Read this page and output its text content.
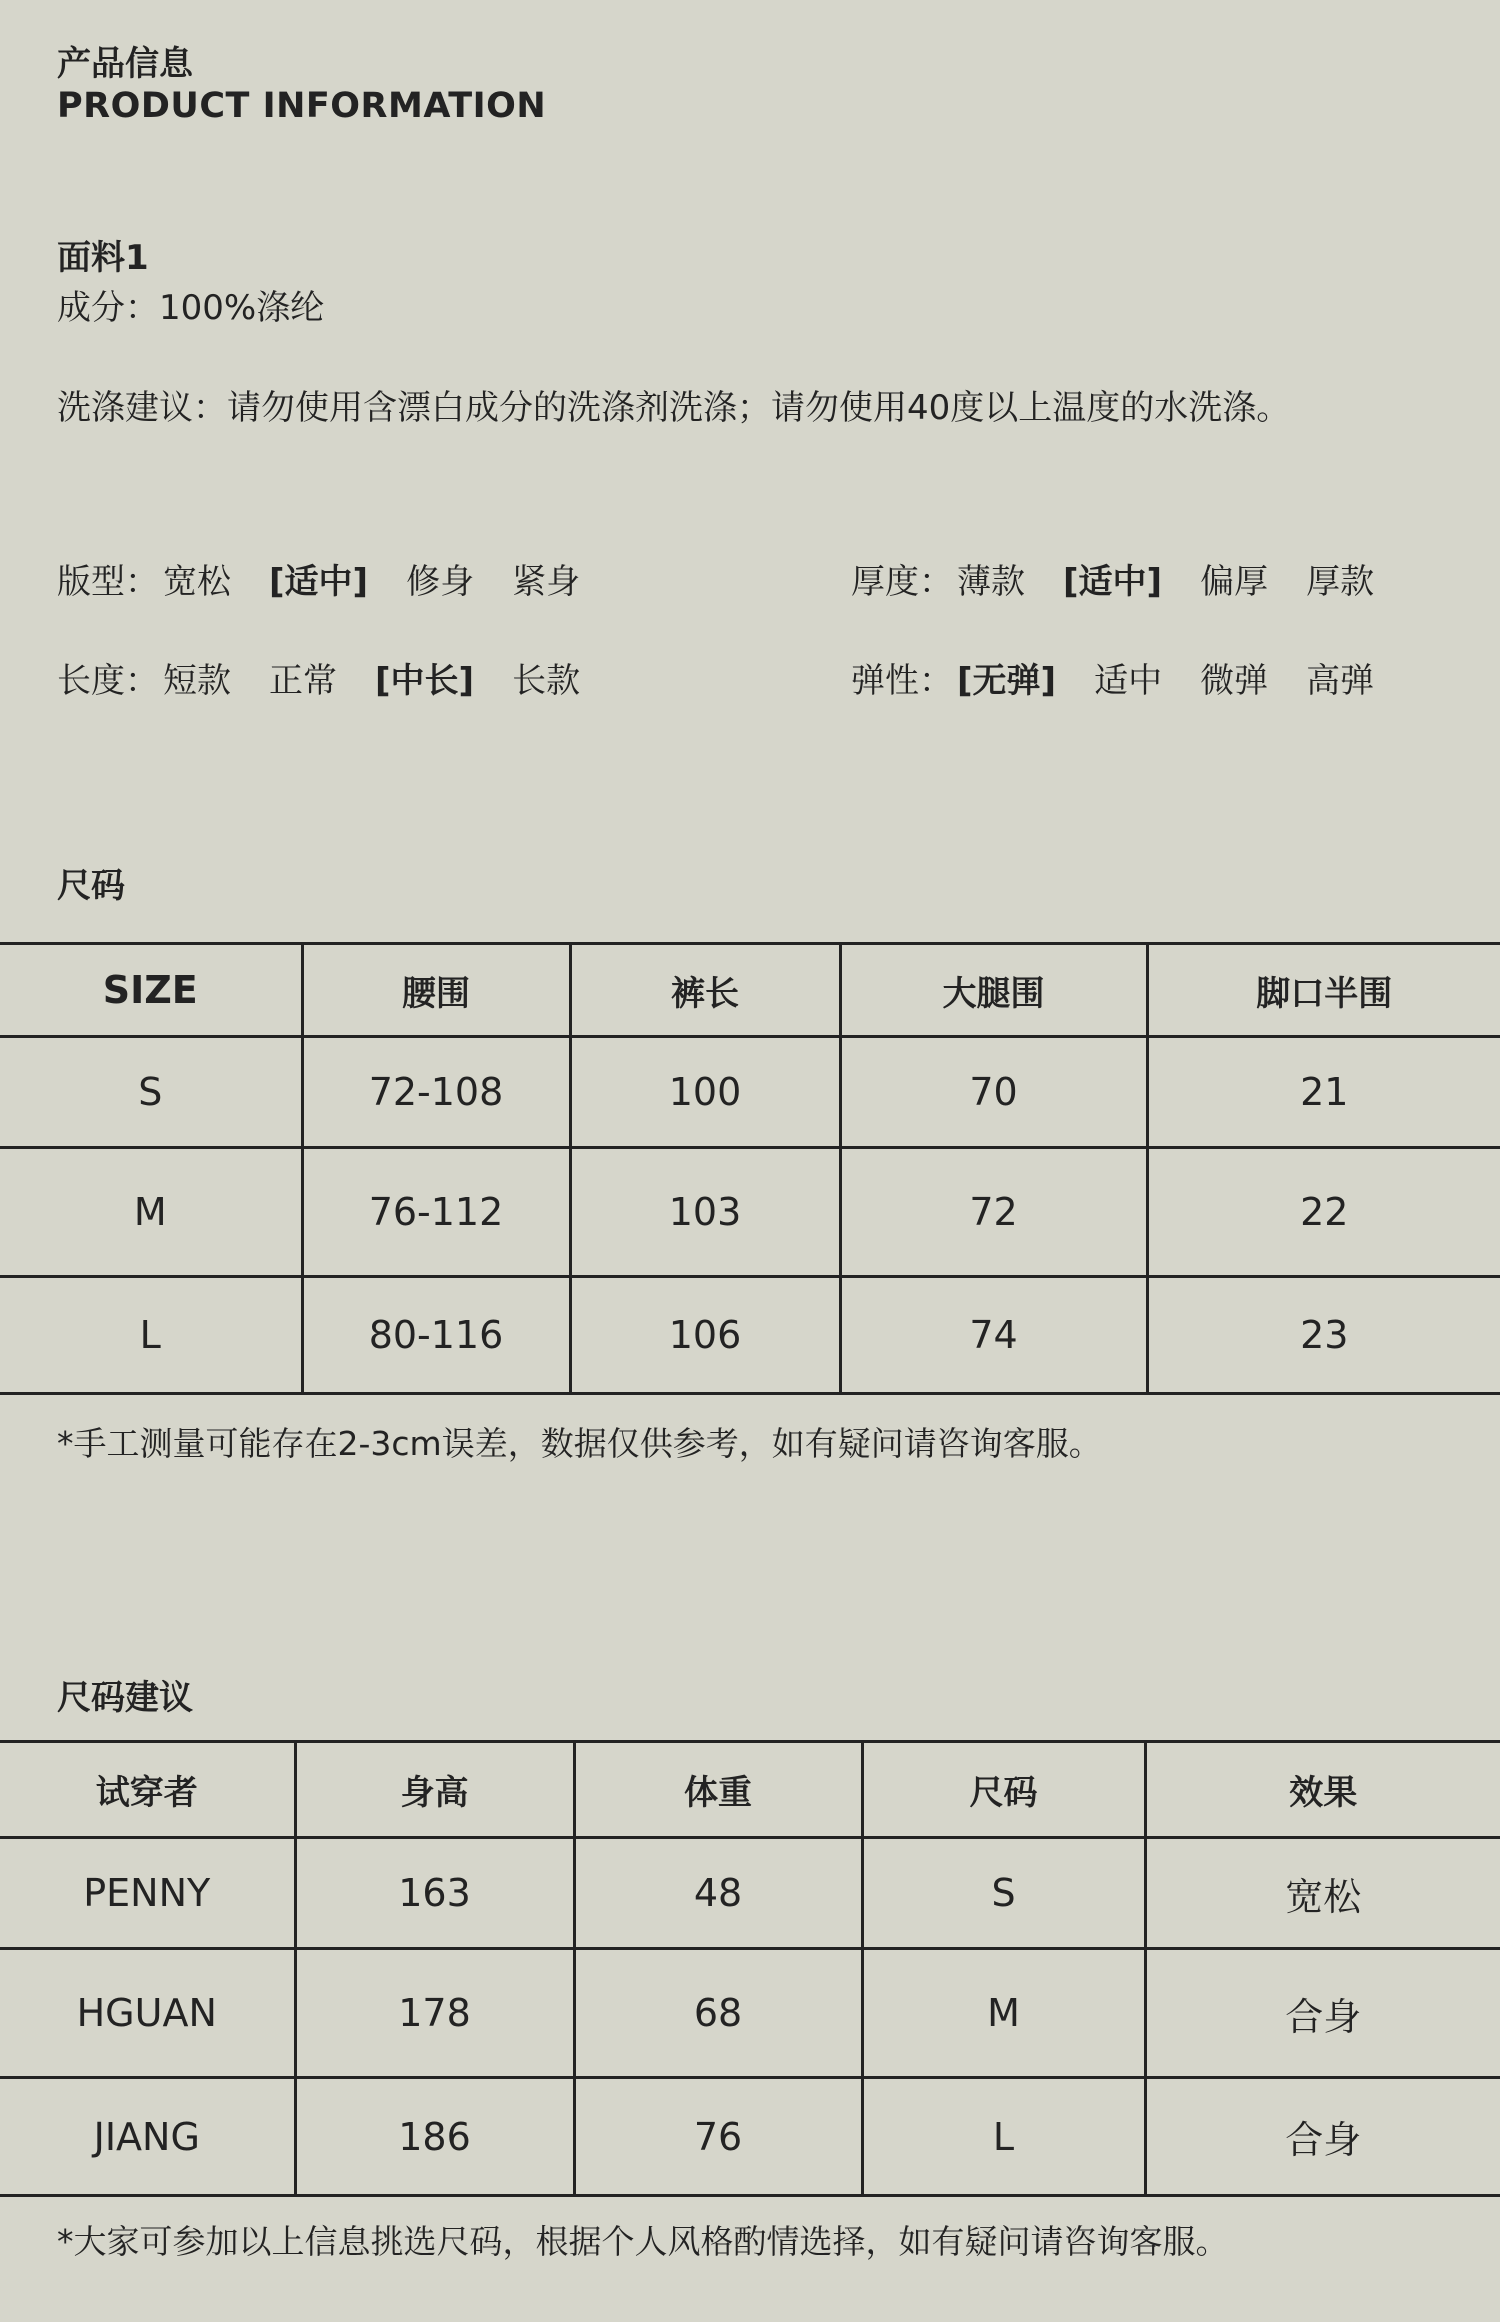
产品信息
PRODUCT INFORMATION
面料1
成分：100%涤纶
洗涤建议：请勿使用含漂白成分的洗涤剂洗涤；请勿使用40度以上温度的水洗涤。
版型： 宽松 [适中] 修身 紧身	厚度： 薄款 [适中] 偏厚 厚款
长度： 短款 正常 [中长] 长款	弹性： [无弹] 适中 微弹 高弹
尺码
SIZE	腰围	裤长	大腿围	脚口半围
S	72-108	100	70	21
M	76-112	103	72	22
L	80-116	106	74	23
*手工测量可能存在2-3cm误差，数据仅供参考，如有疑问请咨询客服。
尺码建议
试穿者	身高	体重	尺码	效果
PENNY	163	48	S	宽松
HGUAN	178	68	M	合身
JIANG	186	76	L	合身
*大家可参加以上信息挑选尺码，根据个人风格酌情选择，如有疑问请咨询客服。
